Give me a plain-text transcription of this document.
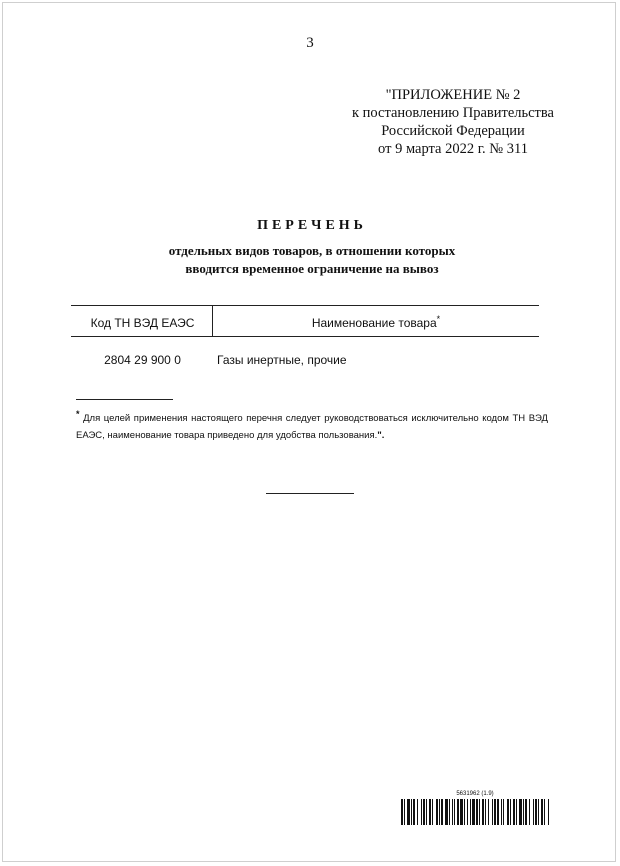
3
"ПРИЛОЖЕНИЕ № 2
к постановлению Правительства
Российской Федерации
от 9 марта 2022 г. № 311
ПЕРЕЧЕНЬ
отдельных видов товаров, в отношении которых
вводится временное ограничение на вывоз
Код ТН ВЭД ЕАЭС	Наименование товара*
2804 29 900 0	Газы инертные, прочие
* Для целей применения настоящего перечня следует руководствоваться исключительно кодом ТН ВЭД ЕАЭС, наименование товара приведено для удобства пользования.".
5631962 (1.9)
